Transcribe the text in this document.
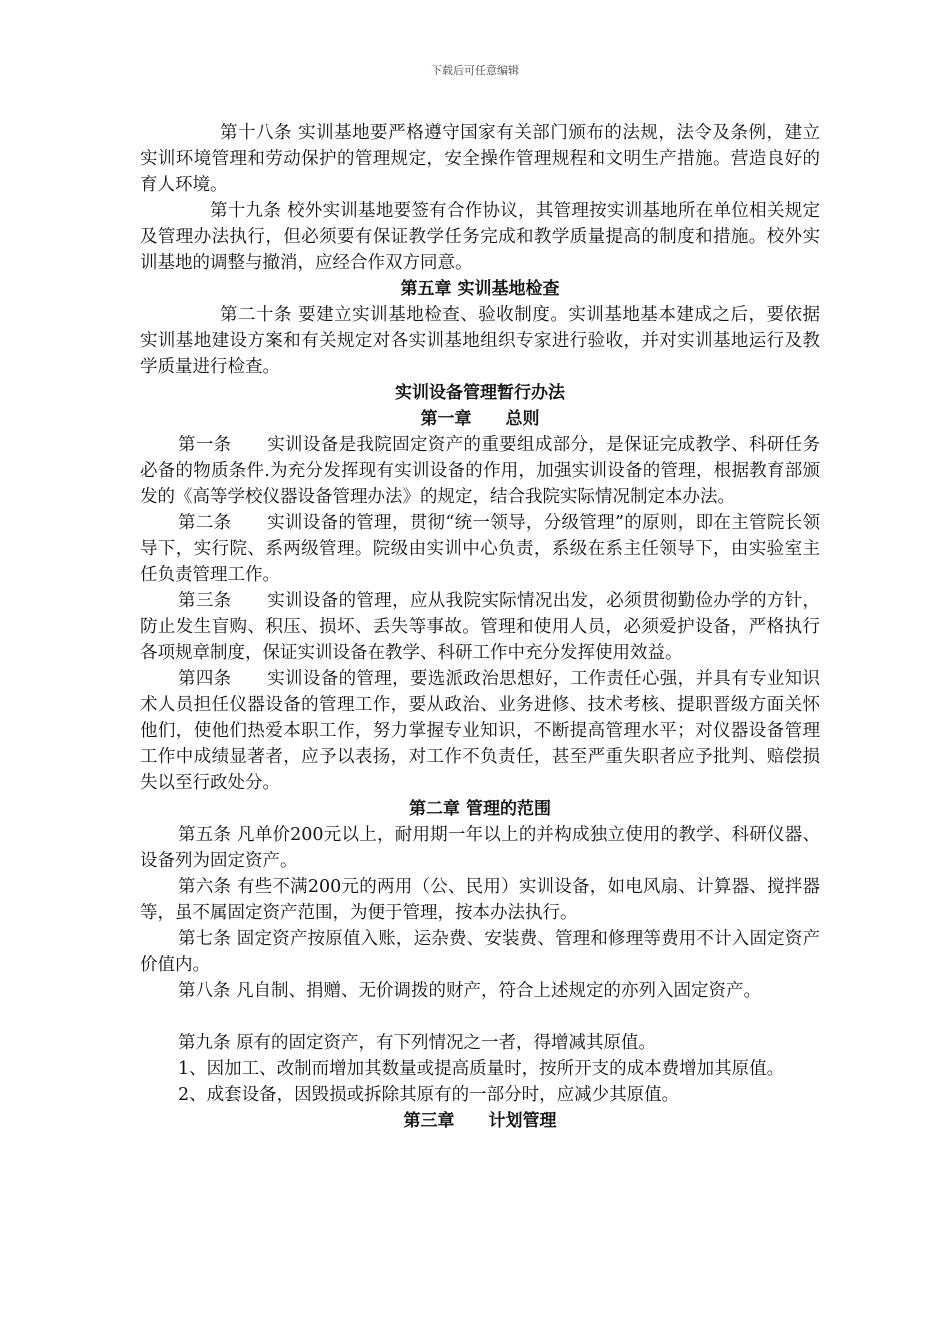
下载后可任意编辑

第十八条 实训基地要严格遵守国家有关部门颁布的法规，法令及条例，建立实训环境管理和劳动保护的管理规定，安全操作管理规程和文明生产措施。营造良好的育人环境。

第十九条 校外实训基地要签有合作协议，其管理按实训基地所在单位相关规定及管理办法执行，但必须要有保证教学任务完成和教学质量提高的制度和措施。校外实训基地的调整与撤消，应经合作双方同意。

第五章 实训基地检查

第二十条 要建立实训基地检查、验收制度。实训基地基本建成之后，要依据实训基地建设方案和有关规定对各实训基地组织专家进行验收，并对实训基地运行及教学质量进行检查。

实训设备管理暂行办法
第一章　　总则

第一条　　实训设备是我院固定资产的重要组成部分，是保证完成教学、科研任务必备的物质条件.为充分发挥现有实训设备的作用，加强实训设备的管理，根据教育部颁发的《高等学校仪器设备管理办法》的规定，结合我院实际情况制定本办法。

第二条　　实训设备的管理，贯彻“统一领导，分级管理”的原则，即在主管院长领导下，实行院、系两级管理。院级由实训中心负责，系级在系主任领导下，由实验室主任负责管理工作。

第三条　　实训设备的管理，应从我院实际情况出发，必须贯彻勤俭办学的方针，防止发生盲购、积压、损坏、丢失等事故。管理和使用人员，必须爱护设备，严格执行各项规章制度，保证实训设备在教学、科研工作中充分发挥使用效益。

第四条　　实训设备的管理，要选派政治思想好，工作责任心强，并具有专业知识术人员担任仪器设备的管理工作，要从政治、业务进修、技术考核、提职晋级方面关怀他们，使他们热爱本职工作，努力掌握专业知识，不断提高管理水平；对仪器设备管理工作中成绩显著者，应予以表扬，对工作不负责任，甚至严重失职者应予批判、赔偿损失以至行政处分。

第二章 管理的范围

第五条 凡单价200元以上，耐用期一年以上的并构成独立使用的教学、科研仪器、设备列为固定资产。

第六条 有些不满200元的两用（公、民用）实训设备，如电风扇、计算器、搅拌器等，虽不属固定资产范围，为便于管理，按本办法执行。

第七条 固定资产按原值入账，运杂费、安装费、管理和修理等费用不计入固定资产价值内。

第八条 凡自制、捐赠、无价调拨的财产，符合上述规定的亦列入固定资产。

第九条 原有的固定资产，有下列情况之一者，得增减其原值。

1、因加工、改制而增加其数量或提高质量时，按所开支的成本费增加其原值。

2、成套设备，因毁损或拆除其原有的一部分时，应减少其原值。

第三章　　计划管理
